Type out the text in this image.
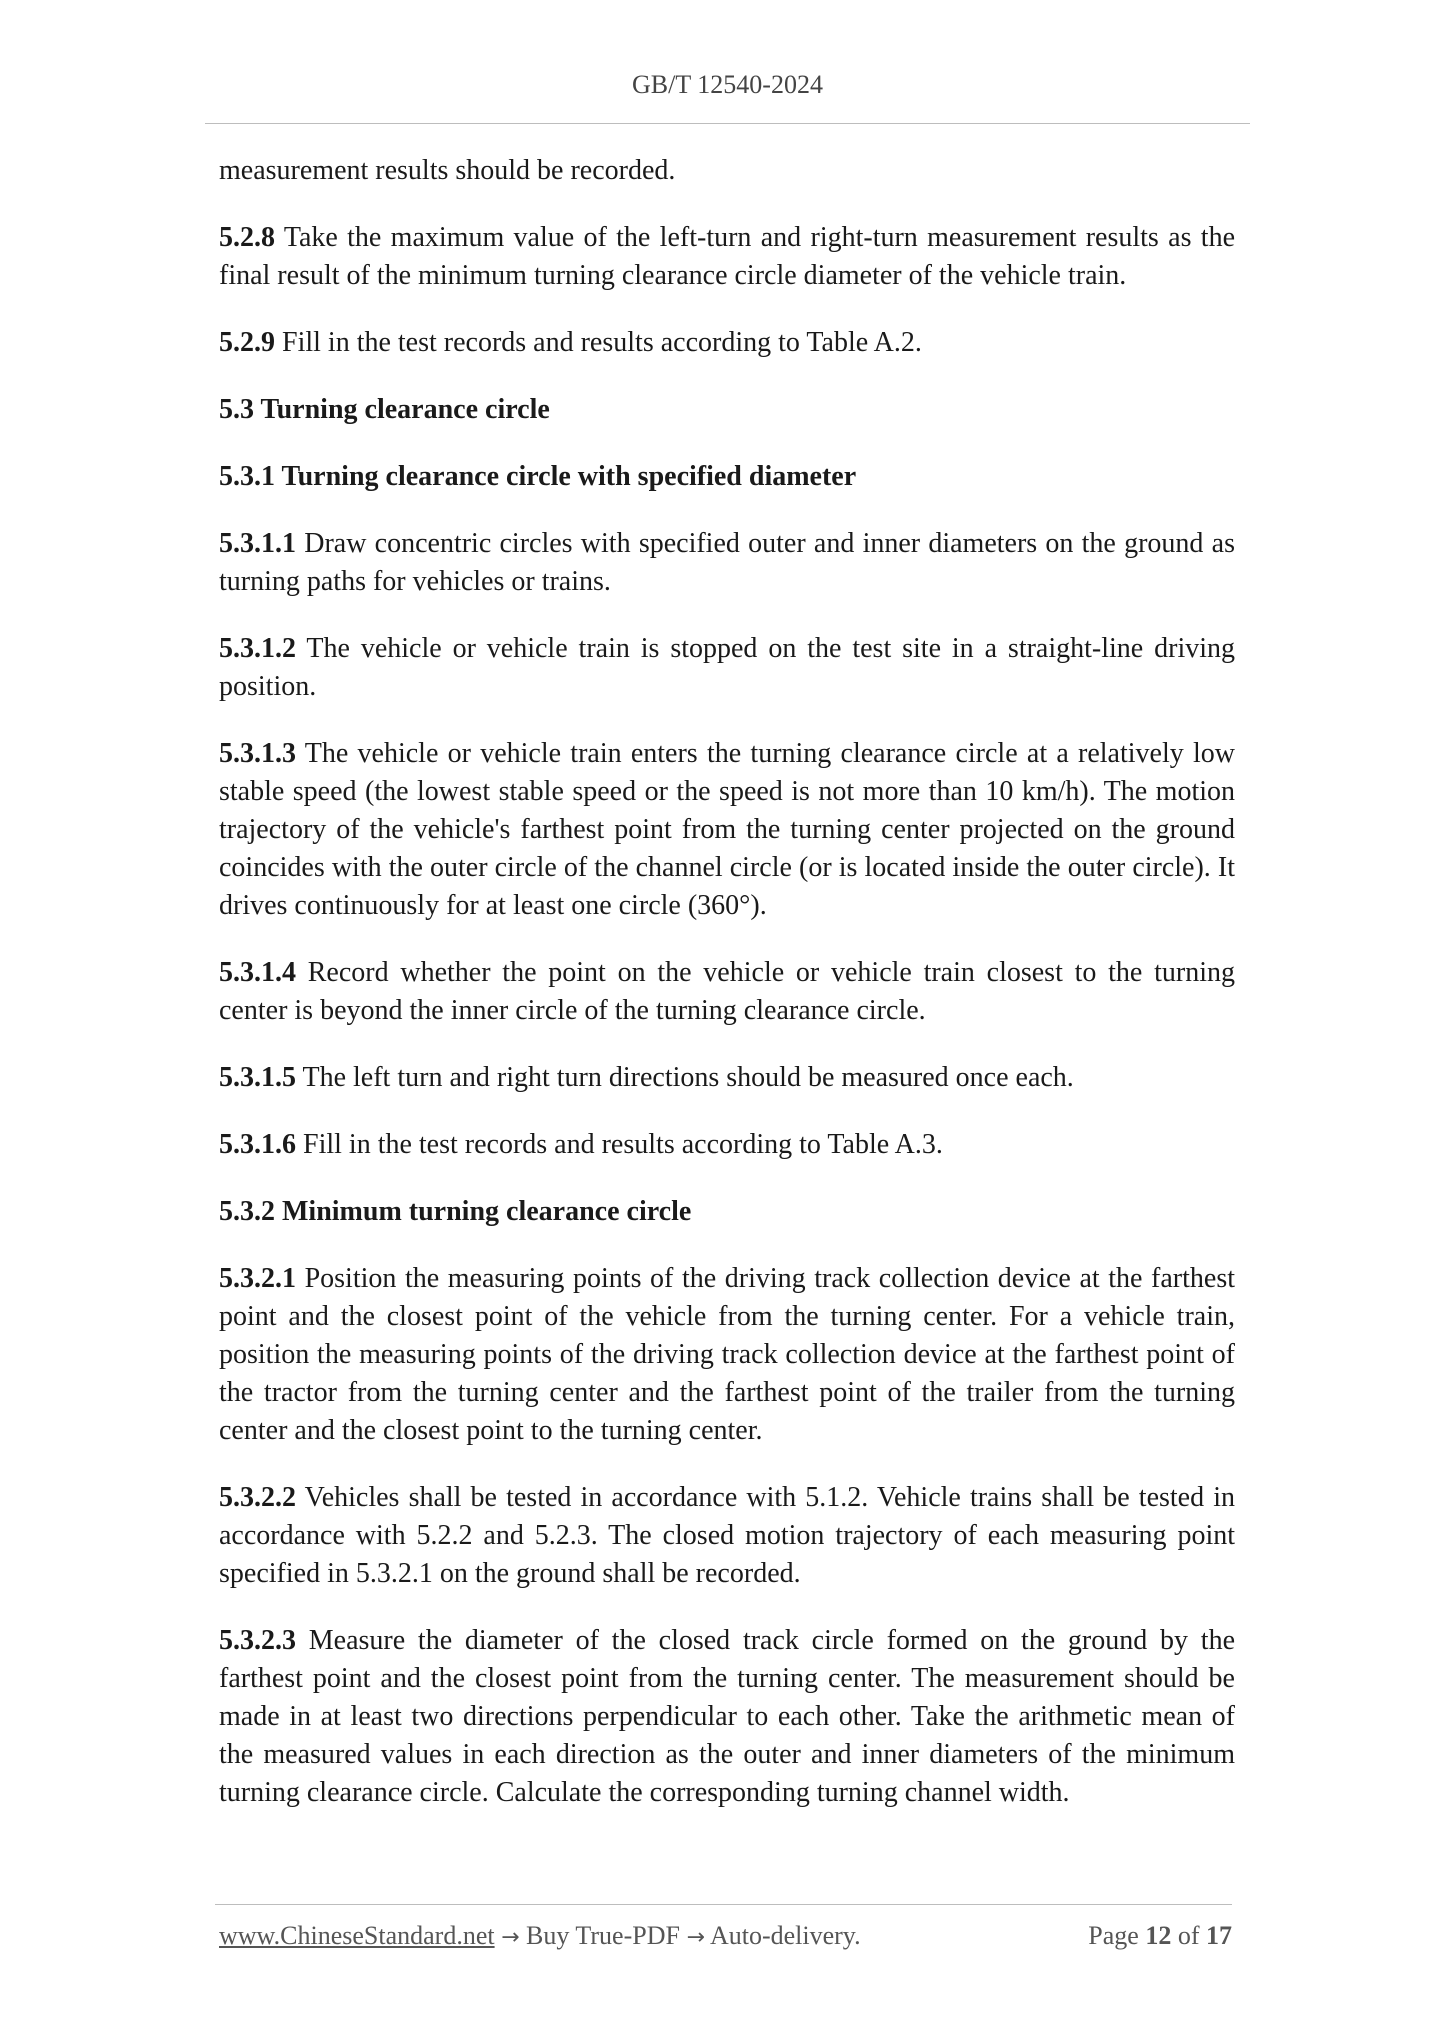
GB/T 12540-2024

measurement results should be recorded.

5.2.8 Take the maximum value of the left-turn and right-turn measurement results as the final result of the minimum turning clearance circle diameter of the vehicle train.

5.2.9 Fill in the test records and results according to Table A.2.

5.3 Turning clearance circle
5.3.1 Turning clearance circle with specified diameter

5.3.1.1 Draw concentric circles with specified outer and inner diameters on the ground as turning paths for vehicles or trains.

5.3.1.2 The vehicle or vehicle train is stopped on the test site in a straight-line driving position.

5.3.1.3 The vehicle or vehicle train enters the turning clearance circle at a relatively low stable speed (the lowest stable speed or the speed is not more than 10 km/h). The motion trajectory of the vehicle's farthest point from the turning center projected on the ground coincides with the outer circle of the channel circle (or is located inside the outer circle). It drives continuously for at least one circle (360°).

5.3.1.4 Record whether the point on the vehicle or vehicle train closest to the turning center is beyond the inner circle of the turning clearance circle.

5.3.1.5 The left turn and right turn directions should be measured once each.

5.3.1.6 Fill in the test records and results according to Table A.3.

5.3.2 Minimum turning clearance circle

5.3.2.1 Position the measuring points of the driving track collection device at the farthest point and the closest point of the vehicle from the turning center. For a vehicle train, position the measuring points of the driving track collection device at the farthest point of the tractor from the turning center and the farthest point of the trailer from the turning center and the closest point to the turning center.

5.3.2.2 Vehicles shall be tested in accordance with 5.1.2. Vehicle trains shall be tested in accordance with 5.2.2 and 5.2.3. The closed motion trajectory of each measuring point specified in 5.3.2.1 on the ground shall be recorded.

5.3.2.3 Measure the diameter of the closed track circle formed on the ground by the farthest point and the closest point from the turning center. The measurement should be made in at least two directions perpendicular to each other. Take the arithmetic mean of the measured values in each direction as the outer and inner diameters of the minimum turning clearance circle. Calculate the corresponding turning channel width.

www.ChineseStandard.net → Buy True-PDF → Auto-delivery.	Page 12 of 17
